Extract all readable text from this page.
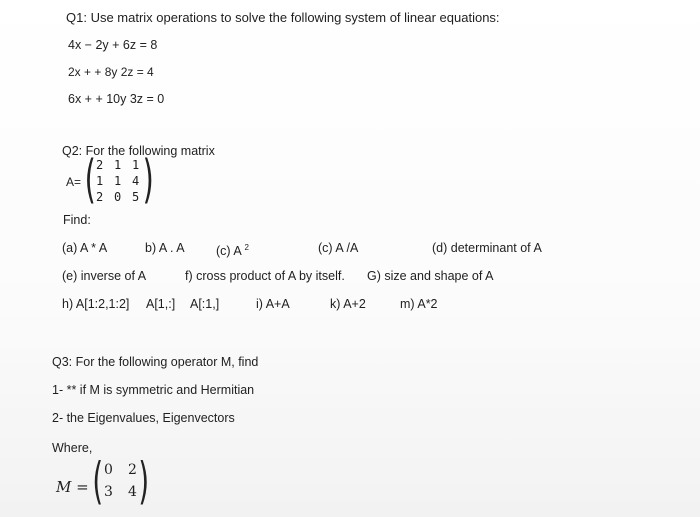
Q1: Use matrix operations to solve the following system of linear equations:
4x − 2y + 6z = 8
2x + + 8y 2z = 4
6x + + 10y 3z = 0
Q2: For the following matrix
A= ( )
2 1 1
1 1 4
2 0 5
Find:
(a) A * A	b) A . A	(c) A $^2$	(c) A /A	(d) determinant of A
(e) inverse of A	f) cross product of A by itself. G) size and shape of A
h) A[1:2,1:2] A[1,:] A[:1,]	i) A+A	k) A+2	m) A*2
Q3: For the following operator M, find
1- ** if M is symmetric and Hermitian
2- the Eigenvalues, Eigenvectors
Where,
M = ( )
0 2
3 4
